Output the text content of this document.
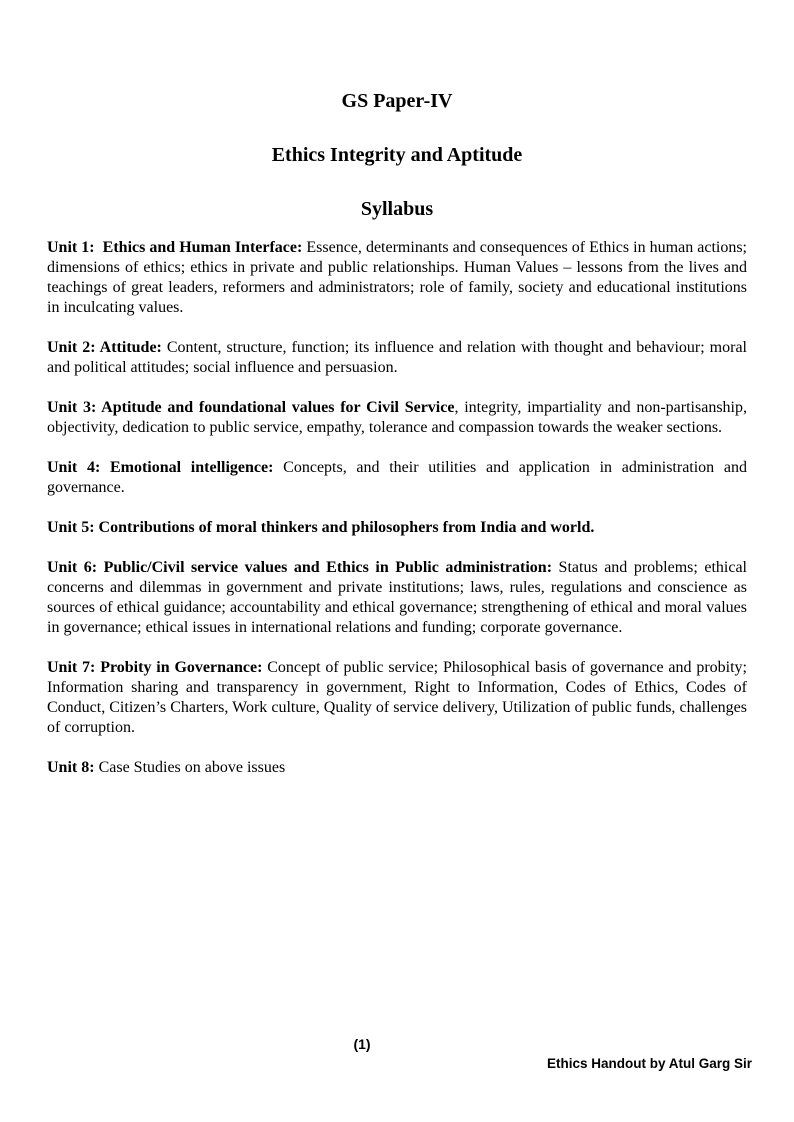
GS Paper-IV
Ethics Integrity and Aptitude
Syllabus

Unit 1:  Ethics and Human Interface: Essence, determinants and consequences of Ethics in human actions; dimensions of ethics; ethics in private and public relationships. Human Values – lessons from the lives and teachings of great leaders, reformers and administrators; role of family, society and educational institutions in inculcating values.

Unit 2: Attitude: Content, structure, function; its influence and relation with thought and behaviour; moral and political attitudes; social influence and persuasion.

Unit 3: Aptitude and foundational values for Civil Service, integrity, impartiality and non-partisanship, objectivity, dedication to public service, empathy, tolerance and compassion towards the weaker sections.

Unit 4: Emotional intelligence: Concepts, and their utilities and application in administration and governance.

Unit 5: Contributions of moral thinkers and philosophers from India and world.

Unit 6: Public/Civil service values and Ethics in Public administration: Status and problems; ethical concerns and dilemmas in government and private institutions; laws, rules, regulations and conscience as sources of ethical guidance; accountability and ethical governance; strengthening of ethical and moral values in governance; ethical issues in international relations and funding; corporate governance.

Unit 7: Probity in Governance: Concept of public service; Philosophical basis of governance and probity; Information sharing and transparency in government, Right to Information, Codes of Ethics, Codes of Conduct, Citizen’s Charters, Work culture, Quality of service delivery, Utilization of public funds, challenges of corruption.

Unit 8: Case Studies on above issues

(1)
Ethics Handout by Atul Garg Sir
